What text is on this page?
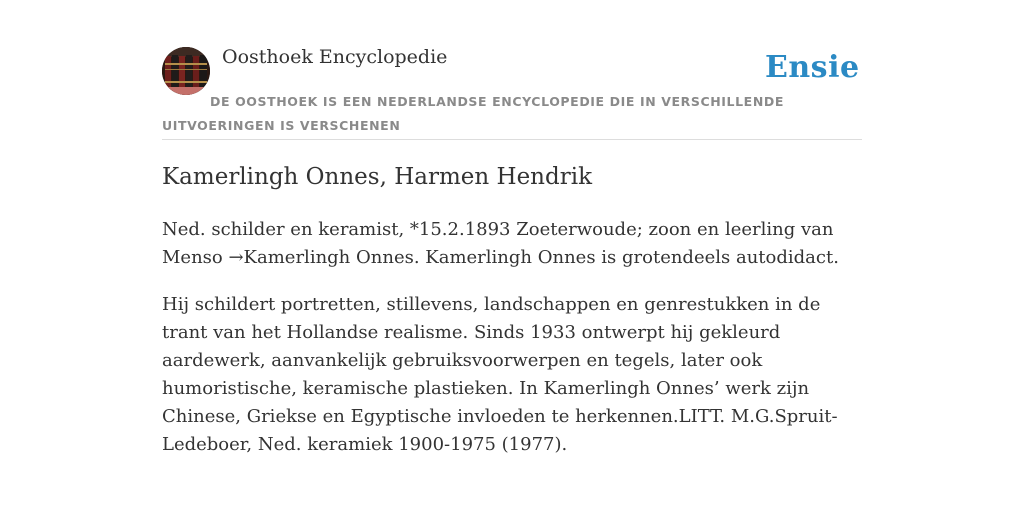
Oosthoek Encyclopedie	Ensie
DE OOSTHOEK IS EEN NEDERLANDSE ENCYCLOPEDIE DIE IN VERSCHILLENDE UITVOERINGEN IS VERSCHENEN
Kamerlingh Onnes, Harmen Hendrik

Ned. schilder en keramist, *15.2.1893 Zoeterwoude; zoon en leerling van Menso →Kamerlingh Onnes. Kamerlingh Onnes is grotendeels autodidact.

Hij schildert portretten, stillevens, landschappen en genrestukken in de trant van het Hollandse realisme. Sinds 1933 ontwerpt hij gekleurd aardewerk, aanvankelijk gebruiksvoorwerpen en tegels, later ook humoristische, keramische plastieken. In Kamerlingh Onnes’ werk zijn Chinese, Griekse en Egyptische invloeden te herkennen.LITT. M.G.Spruit-Ledeboer, Ned. keramiek 1900-1975 (1977).
